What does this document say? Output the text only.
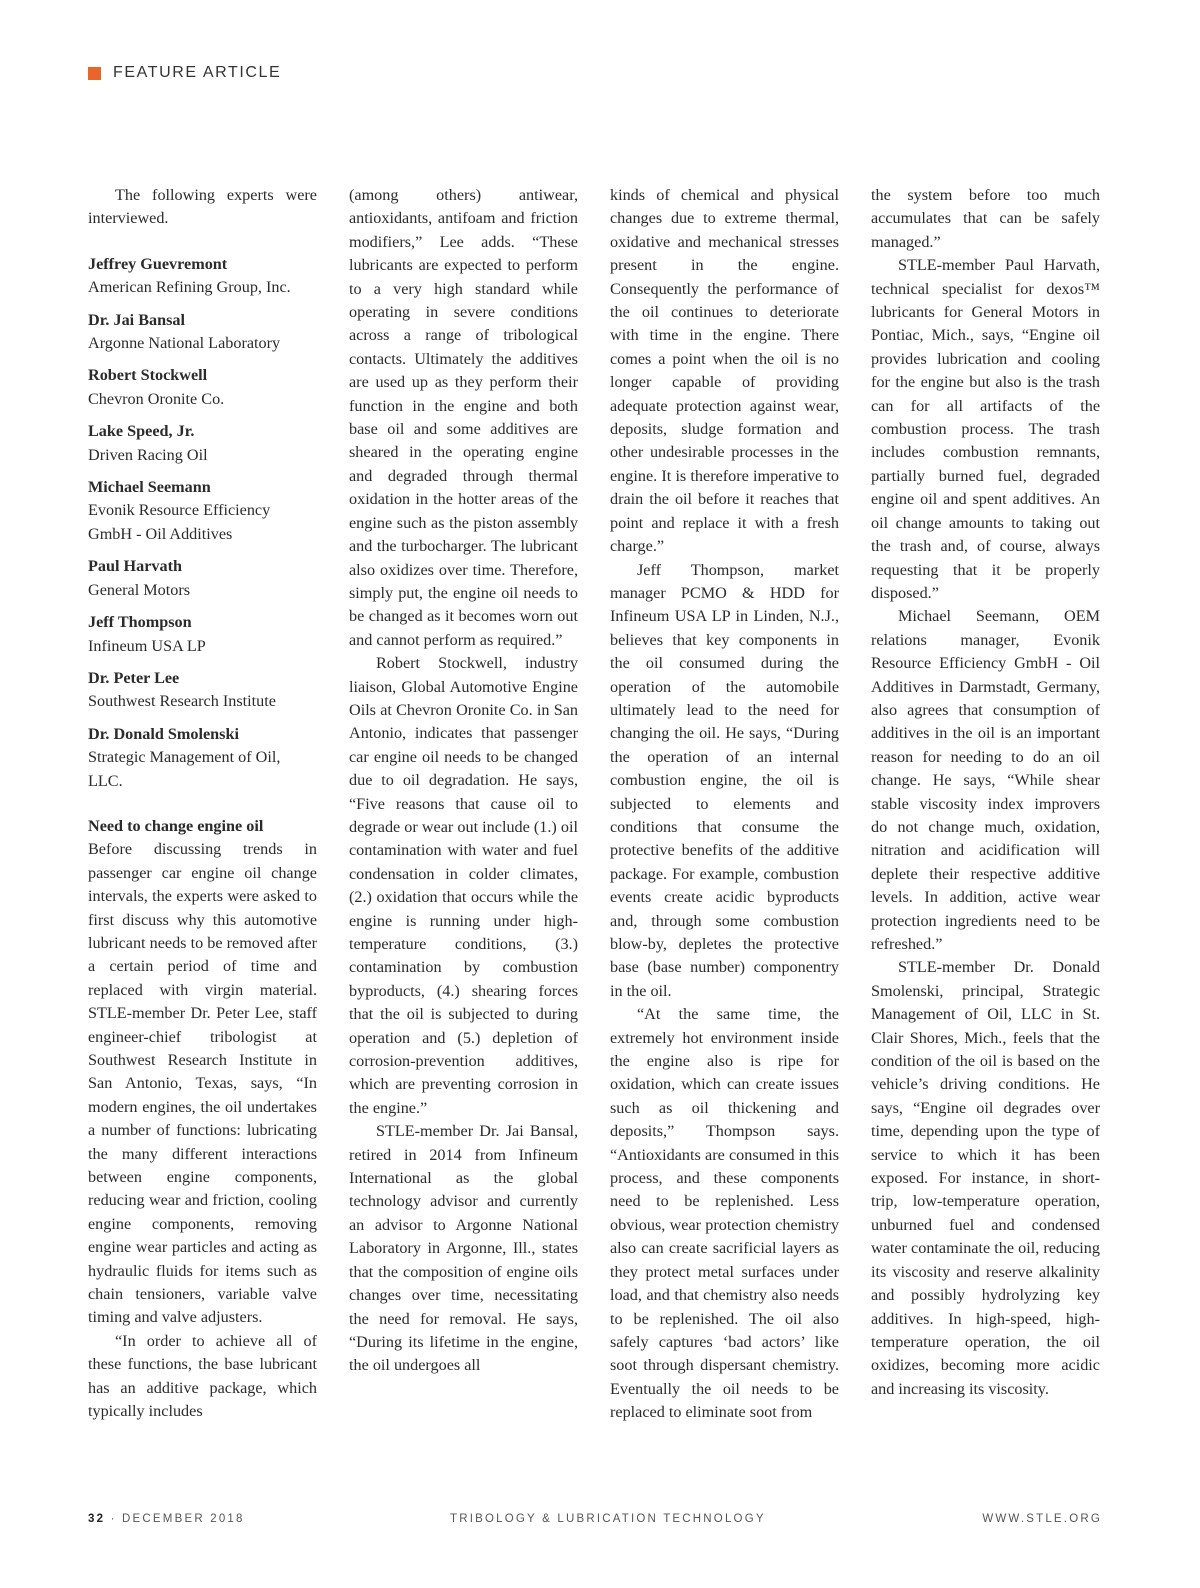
FEATURE ARTICLE

The following experts were interviewed.

Jeffrey Guevremont
American Refining Group, Inc.
Dr. Jai Bansal
Argonne National Laboratory
Robert Stockwell
Chevron Oronite Co.
Lake Speed, Jr.
Driven Racing Oil
Michael Seemann
Evonik Resource Efficiency GmbH - Oil Additives
Paul Harvath
General Motors
Jeff Thompson
Infineum USA LP
Dr. Peter Lee
Southwest Research Institute
Dr. Donald Smolenski
Strategic Management of Oil, LLC.
Need to change engine oil

Before discussing trends in passenger car engine oil change intervals, the experts were asked to first discuss why this automotive lubricant needs to be removed after a certain period of time and replaced with virgin material. STLE-member Dr. Peter Lee, staff engineer-chief tribologist at Southwest Research Institute in San Antonio, Texas, says, “In modern engines, the oil undertakes a number of functions: lubricating the many different interactions between engine components, reducing wear and friction, cooling engine components, removing engine wear particles and acting as hydraulic fluids for items such as chain tensioners, variable valve timing and valve adjusters.

“In order to achieve all of these functions, the base lubricant has an additive package, which typically includes

(among others) antiwear, antioxidants, antifoam and friction modifiers,” Lee adds. “These lubricants are expected to perform to a very high standard while operating in severe conditions across a range of tribological contacts. Ultimately the additives are used up as they perform their function in the engine and both base oil and some additives are sheared in the operating engine and degraded through thermal oxidation in the hotter areas of the engine such as the piston assembly and the turbocharger. The lubricant also oxidizes over time. Therefore, simply put, the engine oil needs to be changed as it becomes worn out and cannot perform as required.”

Robert Stockwell, industry liaison, Global Automotive Engine Oils at Chevron Oronite Co. in San Antonio, indicates that passenger car engine oil needs to be changed due to oil degradation. He says, “Five reasons that cause oil to degrade or wear out include (1.) oil contamination with water and fuel condensation in colder climates, (2.) oxidation that occurs while the engine is running under high-temperature conditions, (3.) contamination by combustion byproducts, (4.) shearing forces that the oil is subjected to during operation and (5.) depletion of corrosion-prevention additives, which are preventing corrosion in the engine.”

STLE-member Dr. Jai Bansal, retired in 2014 from Infineum International as the global technology advisor and currently an advisor to Argonne National Laboratory in Argonne, Ill., states that the composition of engine oils changes over time, necessitating the need for removal. He says, “During its lifetime in the engine, the oil undergoes all

kinds of chemical and physical changes due to extreme thermal, oxidative and mechanical stresses present in the engine. Consequently the performance of the oil continues to deteriorate with time in the engine. There comes a point when the oil is no longer capable of providing adequate protection against wear, deposits, sludge formation and other undesirable processes in the engine. It is therefore imperative to drain the oil before it reaches that point and replace it with a fresh charge.”

Jeff Thompson, market manager PCMO & HDD for Infineum USA LP in Linden, N.J., believes that key components in the oil consumed during the operation of the automobile ultimately lead to the need for changing the oil. He says, “During the operation of an internal combustion engine, the oil is subjected to elements and conditions that consume the protective benefits of the additive package. For example, combustion events create acidic byproducts and, through some combustion blow-by, depletes the protective base (base number) componentry in the oil.

“At the same time, the extremely hot environment inside the engine also is ripe for oxidation, which can create issues such as oil thickening and deposits,” Thompson says. “Antioxidants are consumed in this process, and these components need to be replenished. Less obvious, wear protection chemistry also can create sacrificial layers as they protect metal surfaces under load, and that chemistry also needs to be replenished. The oil also safely captures ‘bad actors’ like soot through dispersant chemistry. Eventually the oil needs to be replaced to eliminate soot from

the system before too much accumulates that can be safely managed.”

STLE-member Paul Harvath, technical specialist for dexos™ lubricants for General Motors in Pontiac, Mich., says, “Engine oil provides lubrication and cooling for the engine but also is the trash can for all artifacts of the combustion process. The trash includes combustion remnants, partially burned fuel, degraded engine oil and spent additives. An oil change amounts to taking out the trash and, of course, always requesting that it be properly disposed.”

Michael Seemann, OEM relations manager, Evonik Resource Efficiency GmbH - Oil Additives in Darmstadt, Germany, also agrees that consumption of additives in the oil is an important reason for needing to do an oil change. He says, “While shear stable viscosity index improvers do not change much, oxidation, nitration and acidification will deplete their respective additive levels. In addition, active wear protection ingredients need to be refreshed.”

STLE-member Dr. Donald Smolenski, principal, Strategic Management of Oil, LLC in St. Clair Shores, Mich., feels that the condition of the oil is based on the vehicle’s driving conditions. He says, “Engine oil degrades over time, depending upon the type of service to which it has been exposed. For instance, in short-trip, low-temperature operation, unburned fuel and condensed water contaminate the oil, reducing its viscosity and reserve alkalinity and possibly hydrolyzing key additives. In high-speed, high-temperature operation, the oil oxidizes, becoming more acidic and increasing its viscosity.

32 · DECEMBER 2018	TRIBOLOGY & LUBRICATION TECHNOLOGY	WWW.STLE.ORG
